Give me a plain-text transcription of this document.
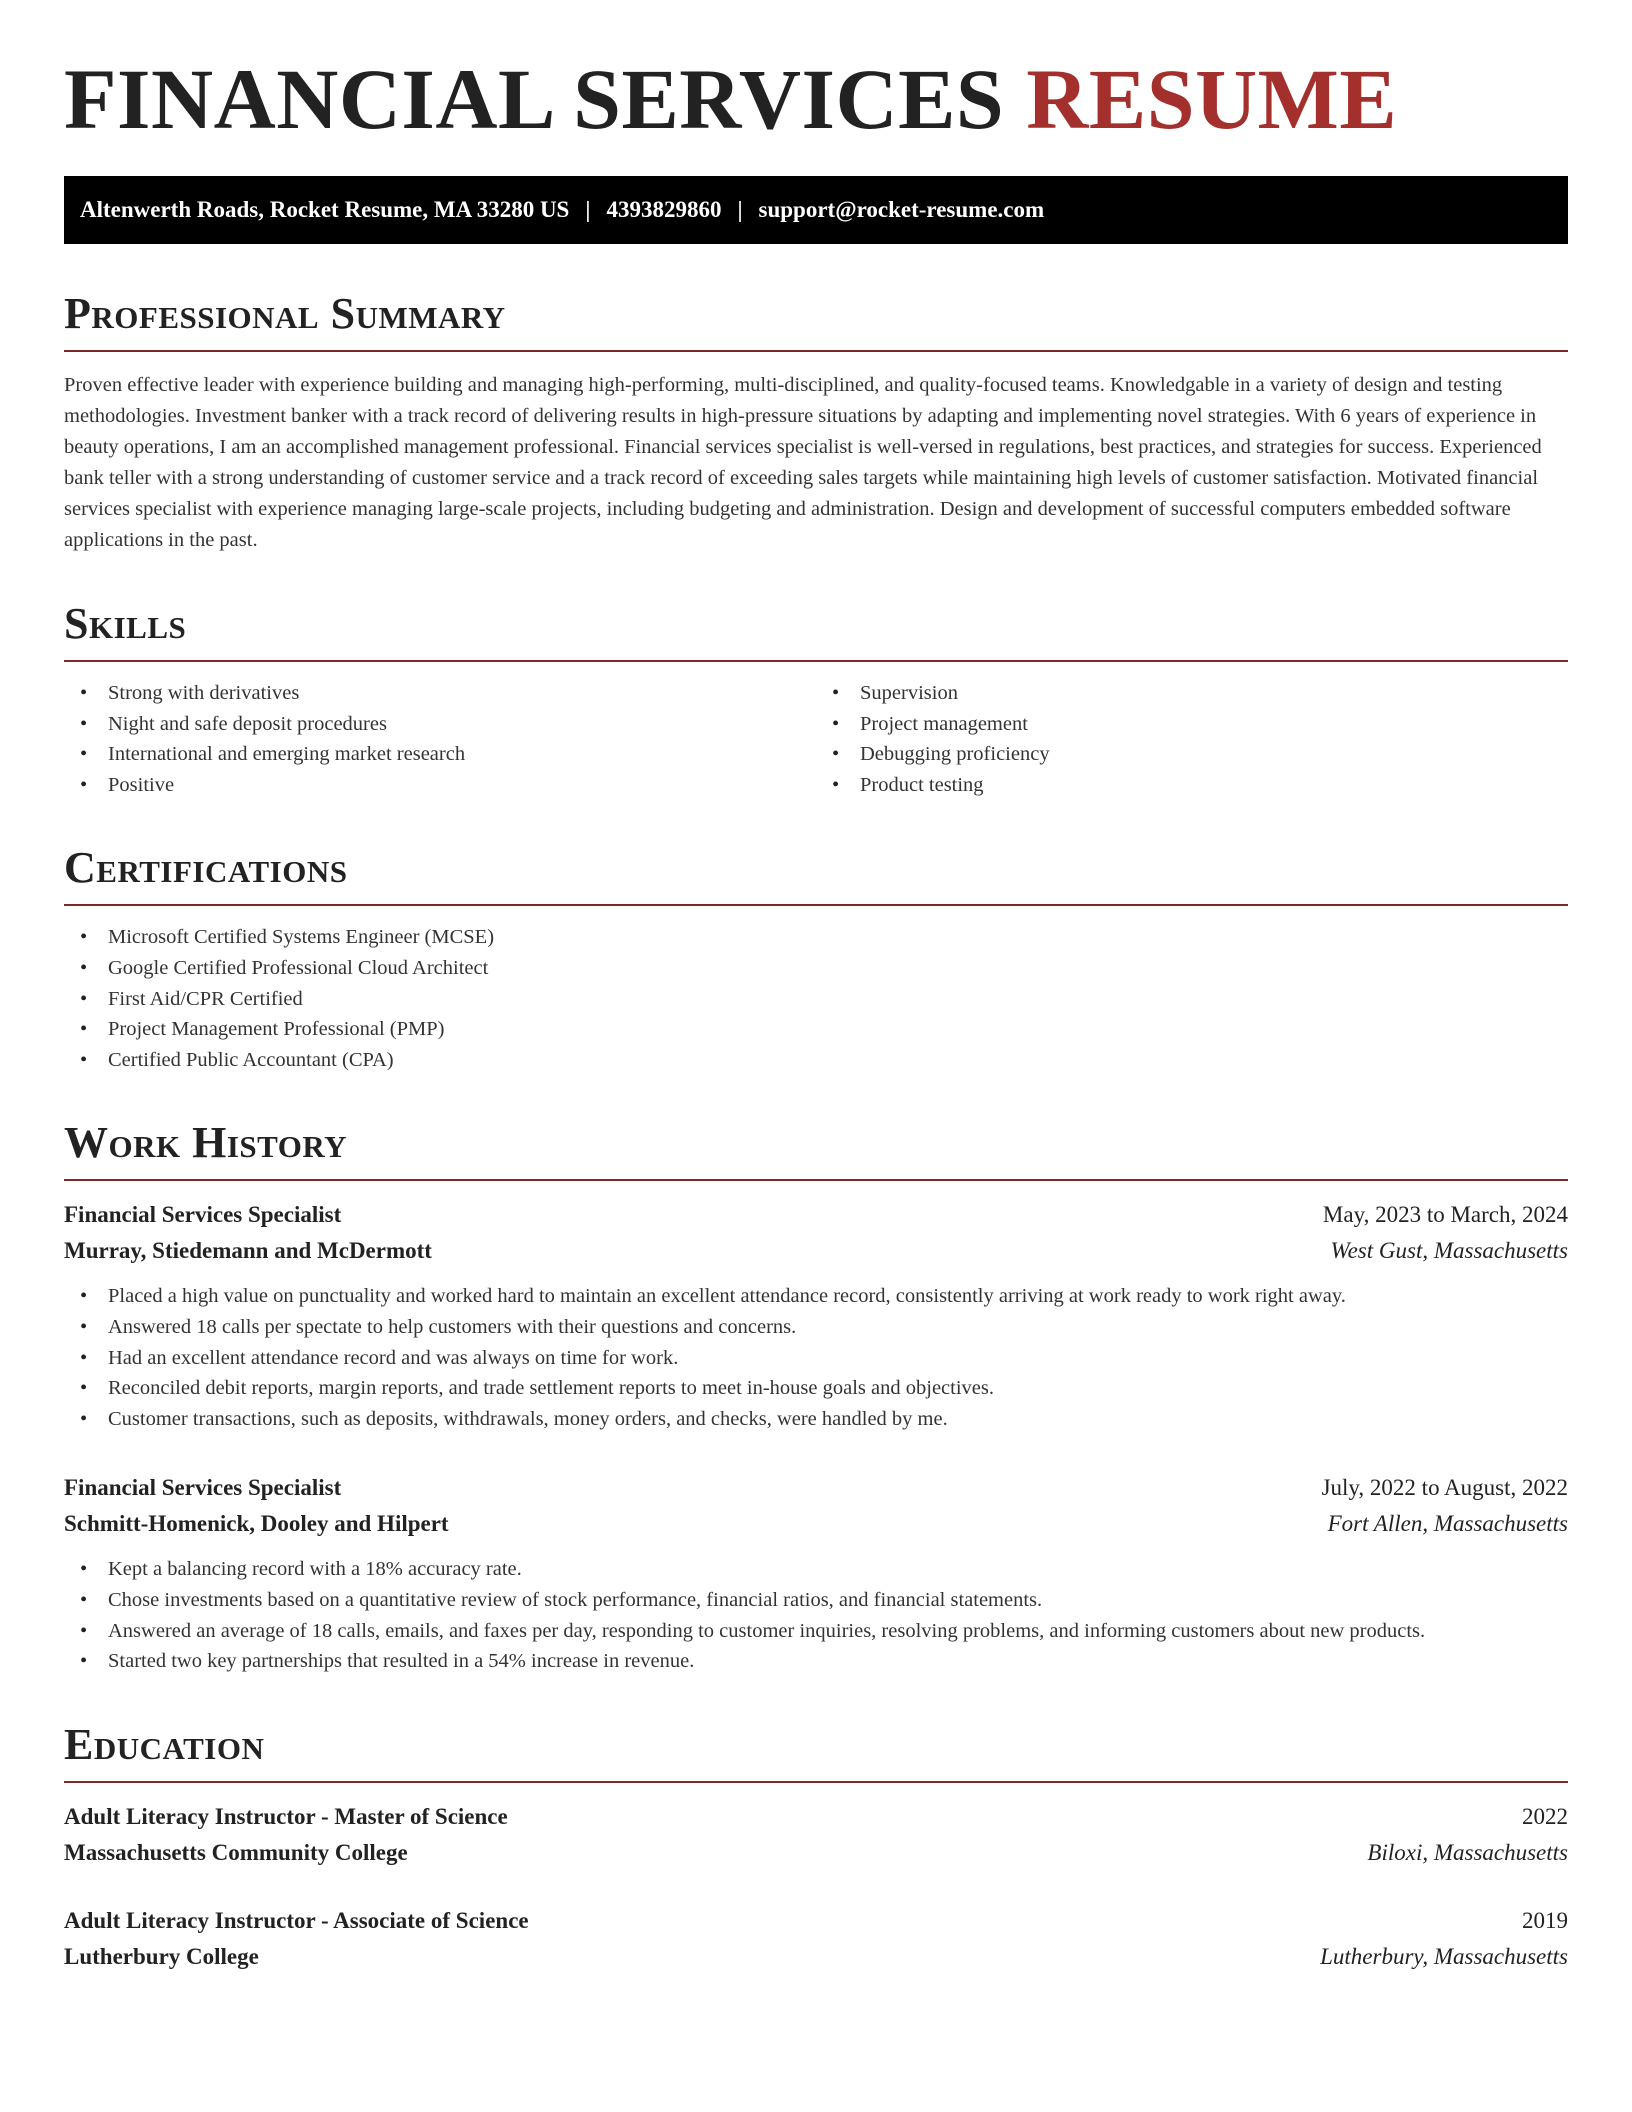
FINANCIAL SERVICES RESUME
Altenwerth Roads, Rocket Resume, MA 33280 US | 4393829860 | support@rocket-resume.com
Professional Summary

Proven effective leader with experience building and managing high-performing, multi-disciplined, and quality-focused teams. Knowledgable in a variety of design and testing methodologies. Investment banker with a track record of delivering results in high-pressure situations by adapting and implementing novel strategies. With 6 years of experience in beauty operations, I am an accomplished management professional. Financial services specialist is well-versed in regulations, best practices, and strategies for success. Experienced bank teller with a strong understanding of customer service and a track record of exceeding sales targets while maintaining high levels of customer satisfaction. Motivated financial services specialist with experience managing large-scale projects, including budgeting and administration. Design and development of successful computers embedded software applications in the past.

Skills
• Strong with derivatives
• Night and safe deposit procedures
• International and emerging market research
• Positive
• Supervision
• Project management
• Debugging proficiency
• Product testing
Certifications
• Microsoft Certified Systems Engineer (MCSE)
• Google Certified Professional Cloud Architect
• First Aid/CPR Certified
• Project Management Professional (PMP)
• Certified Public Accountant (CPA)
Work History
Financial Services Specialist	May, 2023 to March, 2024
Murray, Stiedemann and McDermott	West Gust, Massachusetts
• Placed a high value on punctuality and worked hard to maintain an excellent attendance record, consistently arriving at work ready to work right away.
• Answered 18 calls per spectate to help customers with their questions and concerns.
• Had an excellent attendance record and was always on time for work.
• Reconciled debit reports, margin reports, and trade settlement reports to meet in-house goals and objectives.
• Customer transactions, such as deposits, withdrawals, money orders, and checks, were handled by me.
Financial Services Specialist	July, 2022 to August, 2022
Schmitt-Homenick, Dooley and Hilpert	Fort Allen, Massachusetts
• Kept a balancing record with a 18% accuracy rate.
• Chose investments based on a quantitative review of stock performance, financial ratios, and financial statements.
• Answered an average of 18 calls, emails, and faxes per day, responding to customer inquiries, resolving problems, and informing customers about new products.
• Started two key partnerships that resulted in a 54% increase in revenue.
Education
Adult Literacy Instructor - Master of Science	2022
Massachusetts Community College	Biloxi, Massachusetts
Adult Literacy Instructor - Associate of Science	2019
Lutherbury College	Lutherbury, Massachusetts
